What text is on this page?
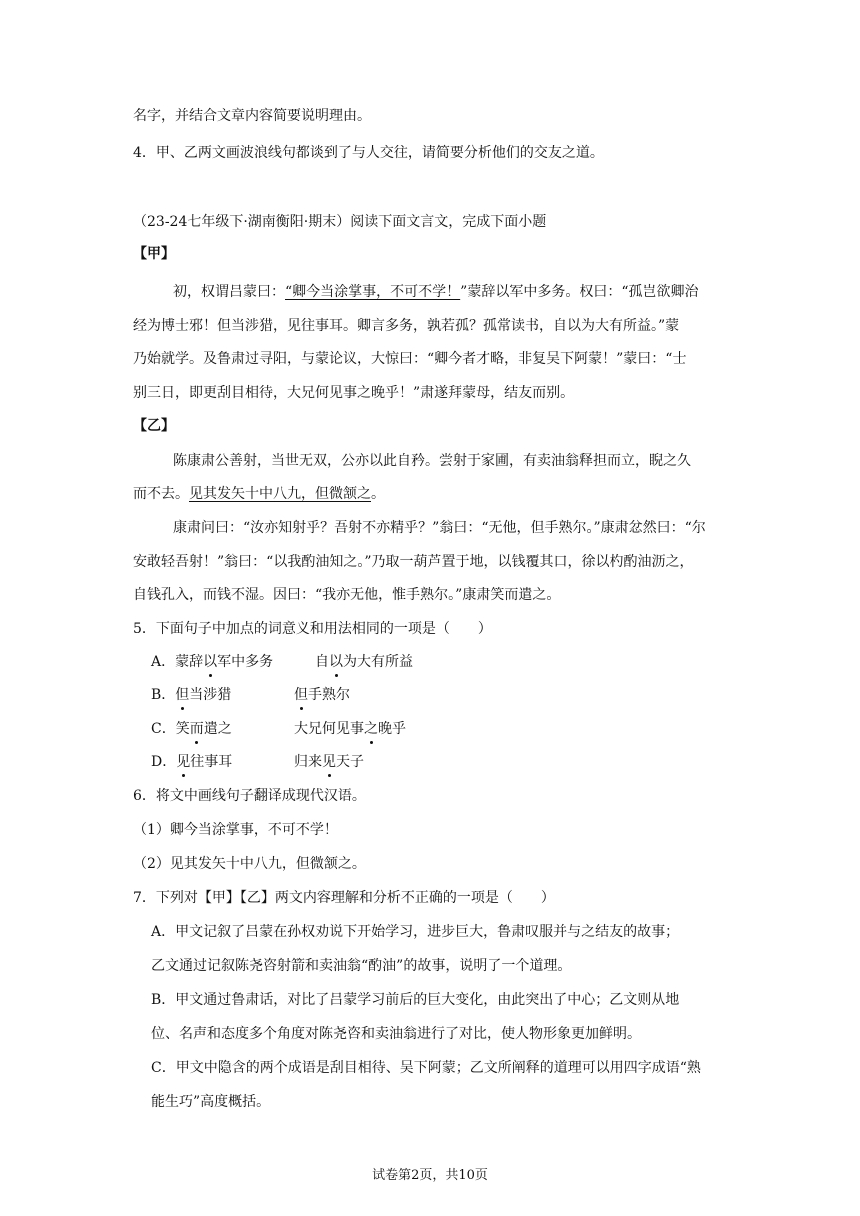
名字，并结合文章内容简要说明理由。
4．甲、乙两文画波浪线句都谈到了与人交往，请简要分析他们的交友之道。
（23-24七年级下·湖南衡阳·期末）阅读下面文言文，完成下面小题
【甲】
初，权谓吕蒙曰：“卿今当涂掌事，不可不学！”蒙辞以军中多务。权曰：“孤岂欲卿治
经为博士邪！但当涉猎，见往事耳。卿言多务，孰若孤？孤常读书，自以为大有所益。”蒙
乃始就学。及鲁肃过寻阳，与蒙论议，大惊曰：“卿今者才略，非复吴下阿蒙！”蒙曰：“士
别三日，即更刮目相待，大兄何见事之晚乎！”肃遂拜蒙母，结友而别。
【乙】
陈康肃公善射，当世无双，公亦以此自矜。尝射于家圃，有卖油翁释担而立，睨之久
而不去。见其发矢十中八九，但微颔之。
康肃问曰：“汝亦知射乎？吾射不亦精乎？”翁曰：“无他，但手熟尔。”康肃忿然曰：“尔
安敢轻吾射！”翁曰：“以我酌油知之。”乃取一葫芦置于地，以钱覆其口，徐以杓酌油沥之，
自钱孔入，而钱不湿。因曰：“我亦无他，惟手熟尔。”康肃笑而遣之。
5．下面句子中加点的词意义和用法相同的一项是（　　）
A．蒙辞以军中多务	自以为大有所益
B．但当涉猎	但手熟尔
C．笑而遣之	大兄何见事之晚乎
D．见往事耳	归来见天子
6．将文中画线句子翻译成现代汉语。
（1）卿今当涂掌事，不可不学！
（2）见其发矢十中八九，但微颔之。
7．下列对【甲】【乙】两文内容理解和分析不正确的一项是（　　）
A．甲文记叙了吕蒙在孙权劝说下开始学习，进步巨大，鲁肃叹服并与之结友的故事；
乙文通过记叙陈尧咨射箭和卖油翁“酌油”的故事，说明了一个道理。
B．甲文通过鲁肃话，对比了吕蒙学习前后的巨大变化，由此突出了中心；乙文则从地
位、名声和态度多个角度对陈尧咨和卖油翁进行了对比，使人物形象更加鲜明。
C．甲文中隐含的两个成语是刮目相待、吴下阿蒙；乙文所阐释的道理可以用四字成语“熟
能生巧”高度概括。
试卷第2页，共10页
